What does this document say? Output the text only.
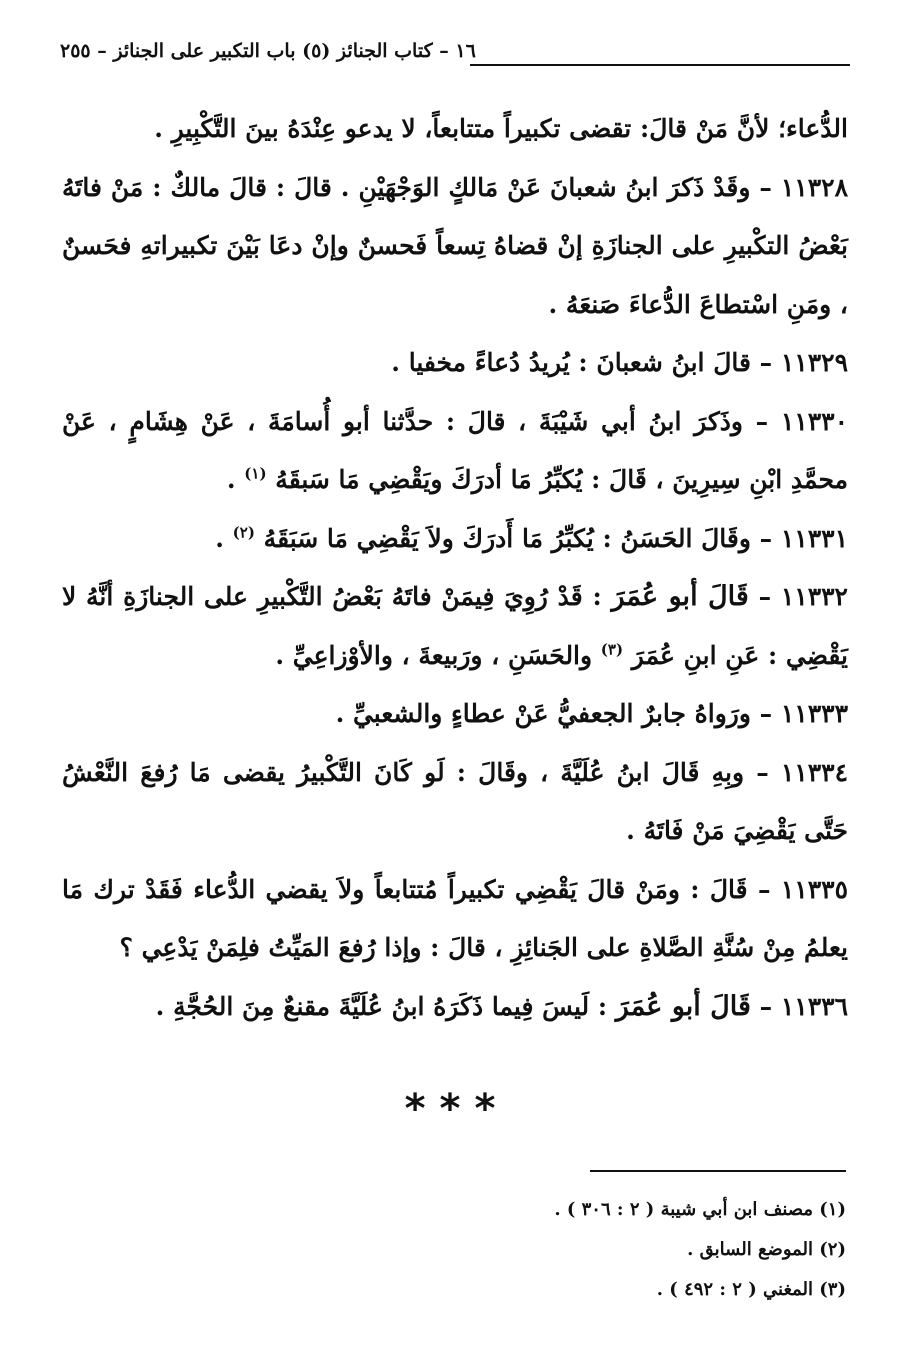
١٦ – كتاب الجنائز (٥) باب التكبير على الجنائز – ٢٥٥

الدُّعاء؛ لأنَّ مَنْ قالَ: تقضى تكبيراً متتابعاً، لا يدعو عِنْدَهُ بينَ التَّكْبِيرِ .

١١٣٢٨ – وقَدْ ذَكرَ ابنُ شعبانَ عَنْ مَالكٍ الوَجْهَيْنِ . قالَ : قالَ مالكٌ : مَنْ فاتَهُ بَعْضُ التكْبيرِ على الجنازَةِ إنْ قضاهُ تِسعاً فَحسنٌ وإنْ دعَا بَيْنَ تكبيراتهِ فحَسنٌ ، ومَنِ اسْتطاعَ الدُّعاءَ صَنعَهُ .

١١٣٢٩ – قالَ ابنُ شعبانَ : يُريدُ دُعاءً مخفيا .

١١٣٣٠ – وذَكرَ ابنُ أبي شَيْبَةَ ، قالَ : حدَّثنا أبو أُسامَةَ ، عَنْ هِشَامٍ ، عَنْ محمَّدِ ابْنِ سِيرِينَ ، قَالَ : يُكبِّرُ مَا أدرَكَ ويَقْضِي مَا سَبقَهُ $^{(١)}$ .

١١٣٣١ – وقَالَ الحَسَنُ : يُكبِّرُ مَا أَدرَكَ ولاَ يَقْضِي مَا سَبَقَهُ $^{(٢)}$ .

١١٣٣٢ – قَالَ أبو عُمَرَ : قَدْ رُوِيَ فِيمَنْ فاتَهُ بَعْضُ التَّكْبيرِ على الجنازَةِ أنَّهُ لا يَقْضِي : عَنِ ابنِ عُمَرَ $^{(٣)}$ والحَسَنِ ، ورَبيعةَ ، والأوْزاعِيِّ .

١١٣٣٣ – ورَواهُ جابرٌ الجعفيُّ عَنْ عطاءٍ والشعبيِّ .

١١٣٣٤ – وبِهِ قَالَ ابنُ عُلَيَّةَ ، وقَالَ : لَو كَانَ التَّكْبيرُ يقضى مَا رُفعَ النَّعْشُ حَتَّى يَقْضِيَ مَنْ فَاتَهُ .

١١٣٣٥ – قَالَ : ومَنْ قالَ يَقْضِي تكبيراً مُتتابعاً ولاَ يقضي الدُّعاء فَقَدْ ترك مَا يعلمُ مِنْ سُنَّةِ الصَّلاةِ على الجَنائِزِ ، قالَ : وإذا رُفعَ المَيِّتُ فلِمَنْ يَدْعِي ؟

١١٣٣٦ – قَالَ أبو عُمَرَ : لَيسَ فِيما ذَكَرَهُ ابنُ عُلَيَّةَ مقنعٌ مِنَ الحُجَّةِ .

***

(١) مصنف ابن أبي شيبة ( ٢ : ٣٠٦ ) .

(٢) الموضع السابق .

(٣) المغني ( ٢ : ٤٩٢ ) .
